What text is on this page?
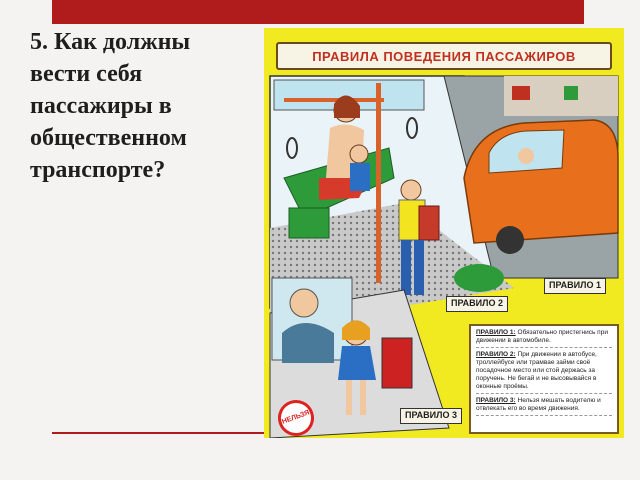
5. Как должны вести себя пассажиры в общественном транспорте?
ПРАВИЛА ПОВЕДЕНИЯ ПАССАЖИРОВ
ПРАВИЛО 1
ПРАВИЛО 2
ПРАВИЛО 3
НЕЛЬЗЯ

ПРАВИЛО 1: Обязательно пристегнись при движении в автомобиле.

ПРАВИЛО 2: При движении в автобусе, троллейбусе или трамвае займи своё посадочное место или стой держась за поручень. Не бегай и не высовывайся в оконные проёмы.

ПРАВИЛО 3: Нельзя мешать водителю и отвлекать его во время движения.
